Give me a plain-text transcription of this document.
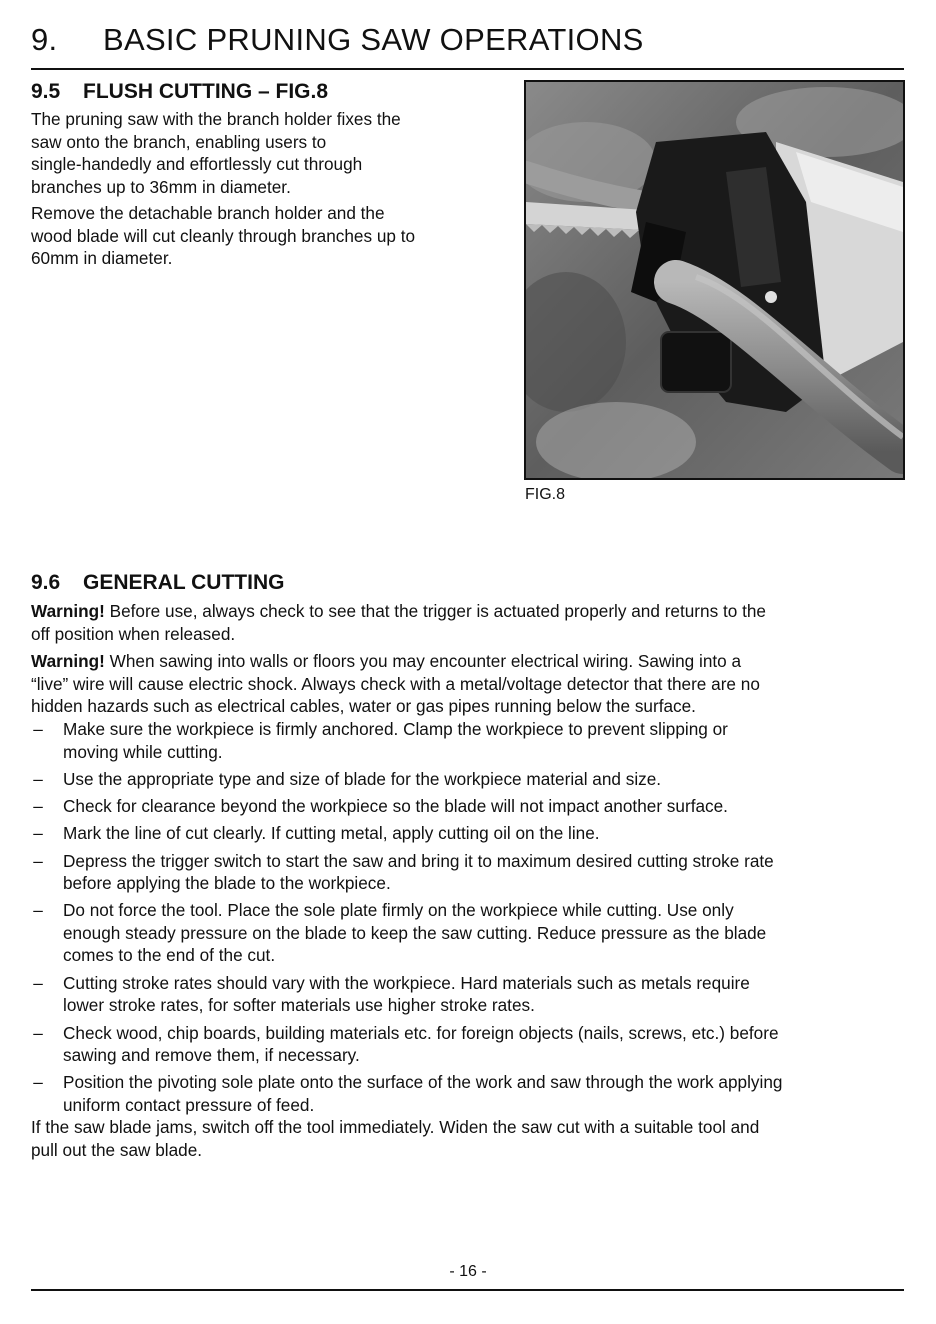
9. BASIC PRUNING SAW OPERATIONS
9.5 FLUSH CUTTING – FIG.8
The pruning saw with the branch holder fixes the
saw onto the branch, enabling users to
single-handedly and effortlessly cut through
branches up to 36mm in diameter.
Remove the detachable branch holder and the
wood blade will cut cleanly through branches up to
60mm in diameter.
FIG.8
9.6 GENERAL CUTTING
Warning! Before use, always check to see that the trigger is actuated properly and returns to the
off position when released.
Warning! When sawing into walls or floors you may encounter electrical wiring. Sawing into a
“live” wire will cause electric shock. Always check with a metal/voltage detector that there are no
hidden hazards such as electrical cables, water or gas pipes running below the surface.
– Make sure the workpiece is firmly anchored. Clamp the workpiece to prevent slipping or
moving while cutting.
– Use the appropriate type and size of blade for the workpiece material and size.
– Check for clearance beyond the workpiece so the blade will not impact another surface.
– Mark the line of cut clearly. If cutting metal, apply cutting oil on the line.
– Depress the trigger switch to start the saw and bring it to maximum desired cutting stroke rate
before applying the blade to the workpiece.
– Do not force the tool. Place the sole plate firmly on the workpiece while cutting. Use only
enough steady pressure on the blade to keep the saw cutting. Reduce pressure as the blade
comes to the end of the cut.
– Cutting stroke rates should vary with the workpiece. Hard materials such as metals require
lower stroke rates, for softer materials use higher stroke rates.
– Check wood, chip boards, building materials etc. for foreign objects (nails, screws, etc.) before
sawing and remove them, if necessary.
– Position the pivoting sole plate onto the surface of the work and saw through the work applying
uniform contact pressure of feed.
If the saw blade jams, switch off the tool immediately. Widen the saw cut with a suitable tool and
pull out the saw blade.
- 16 -
